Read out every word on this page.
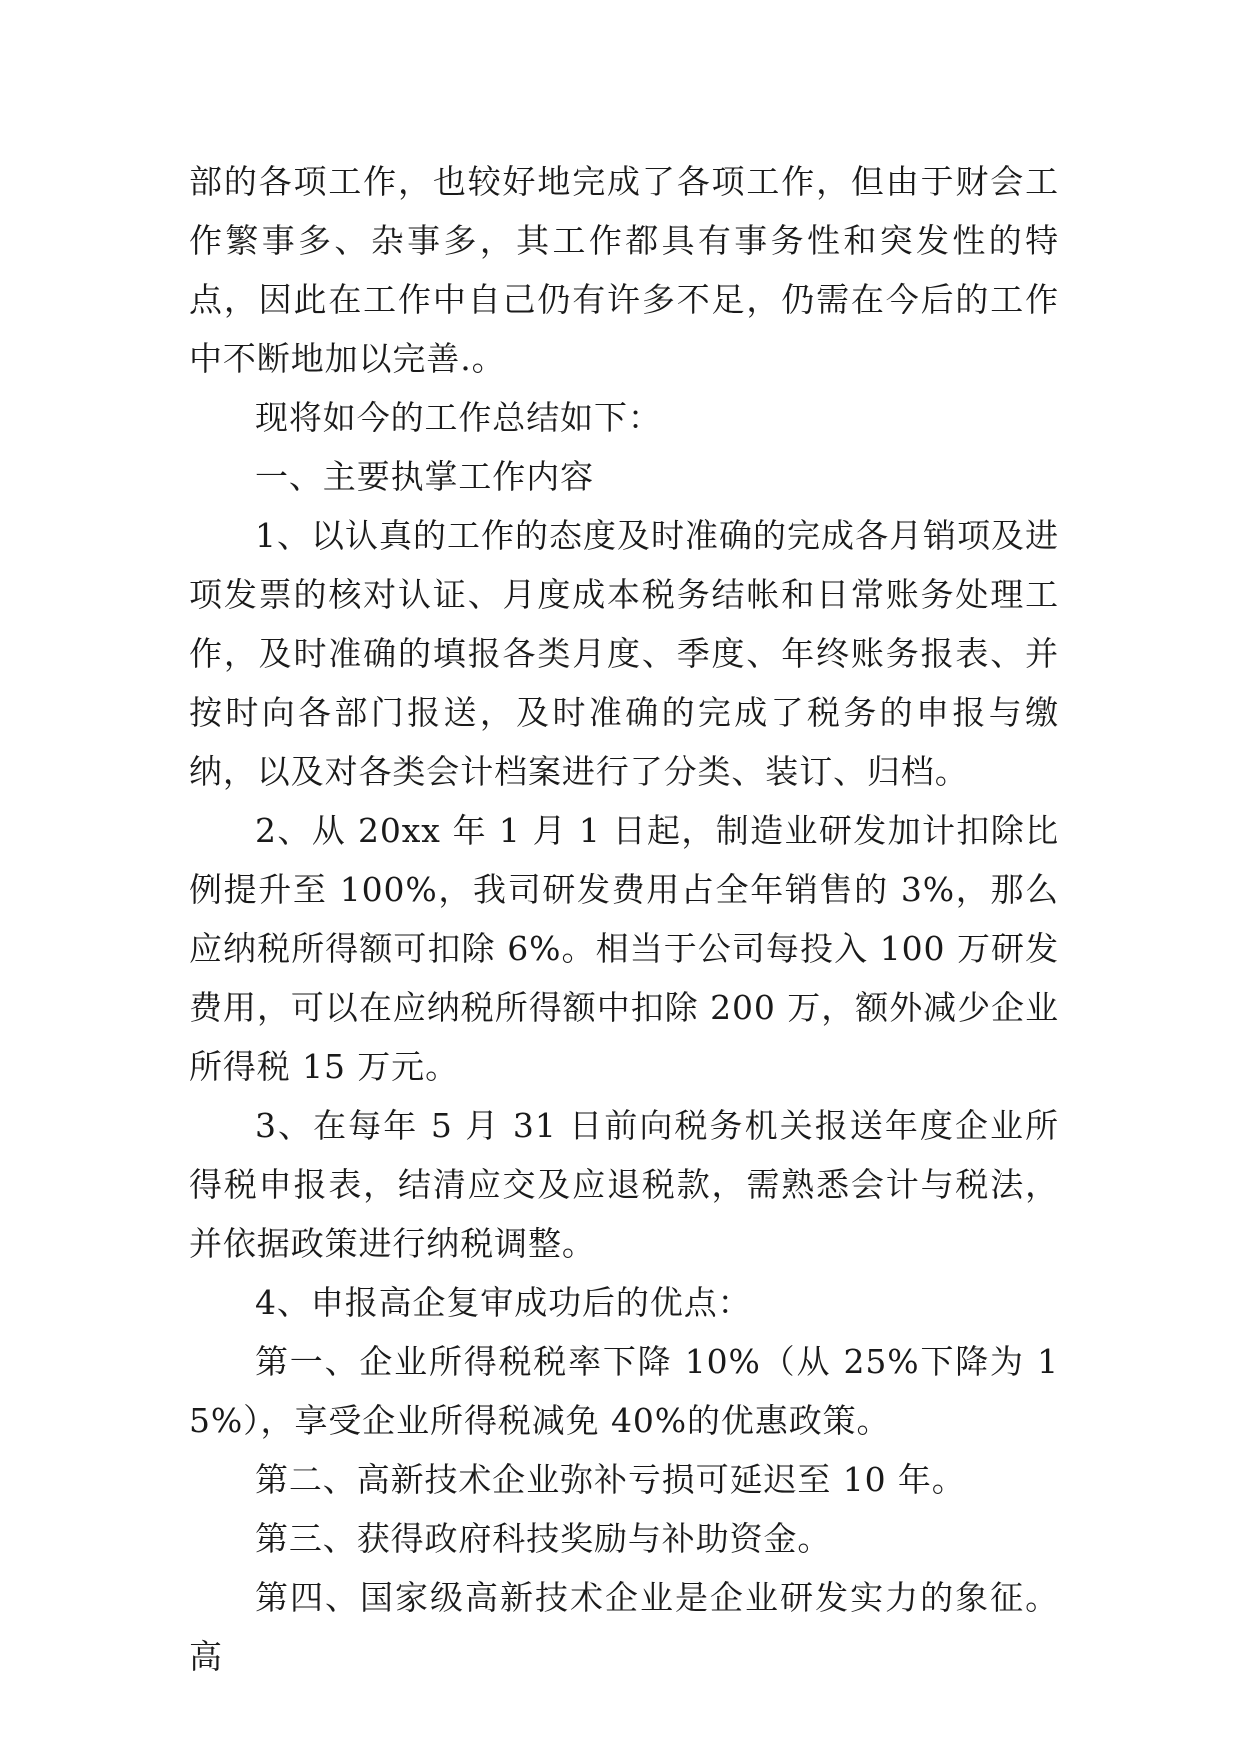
部的各项工作，也较好地完成了各项工作，但由于财会工作繁事多、杂事多，其工作都具有事务性和突发性的特点，因此在工作中自己仍有许多不足，仍需在今后的工作中不断地加以完善.。

现将如今的工作总结如下：

一、主要执掌工作内容

1、以认真的工作的态度及时准确的完成各月销项及进项发票的核对认证、月度成本税务结帐和日常账务处理工作，及时准确的填报各类月度、季度、年终账务报表、并按时向各部门报送，及时准确的完成了税务的申报与缴纳，以及对各类会计档案进行了分类、装订、归档。

2、从 20xx 年 1 月 1 日起，制造业研发加计扣除比例提升至 100%，我司研发费用占全年销售的 3%，那么应纳税所得额可扣除 6%。相当于公司每投入 100 万研发费用，可以在应纳税所得额中扣除 200 万，额外减少企业所得税 15 万元。

3、在每年 5 月 31 日前向税务机关报送年度企业所得税申报表，结清应交及应退税款，需熟悉会计与税法，并依据政策进行纳税调整。

4、申报高企复审成功后的优点：

第一、企业所得税税率下降 10%（从 25%下降为 15%），享受企业所得税减免 40%的优惠政策。

第二、高新技术企业弥补亏损可延迟至 10 年。

第三、获得政府科技奖励与补助资金。

第四、国家级高新技术企业是企业研发实力的象征。高
